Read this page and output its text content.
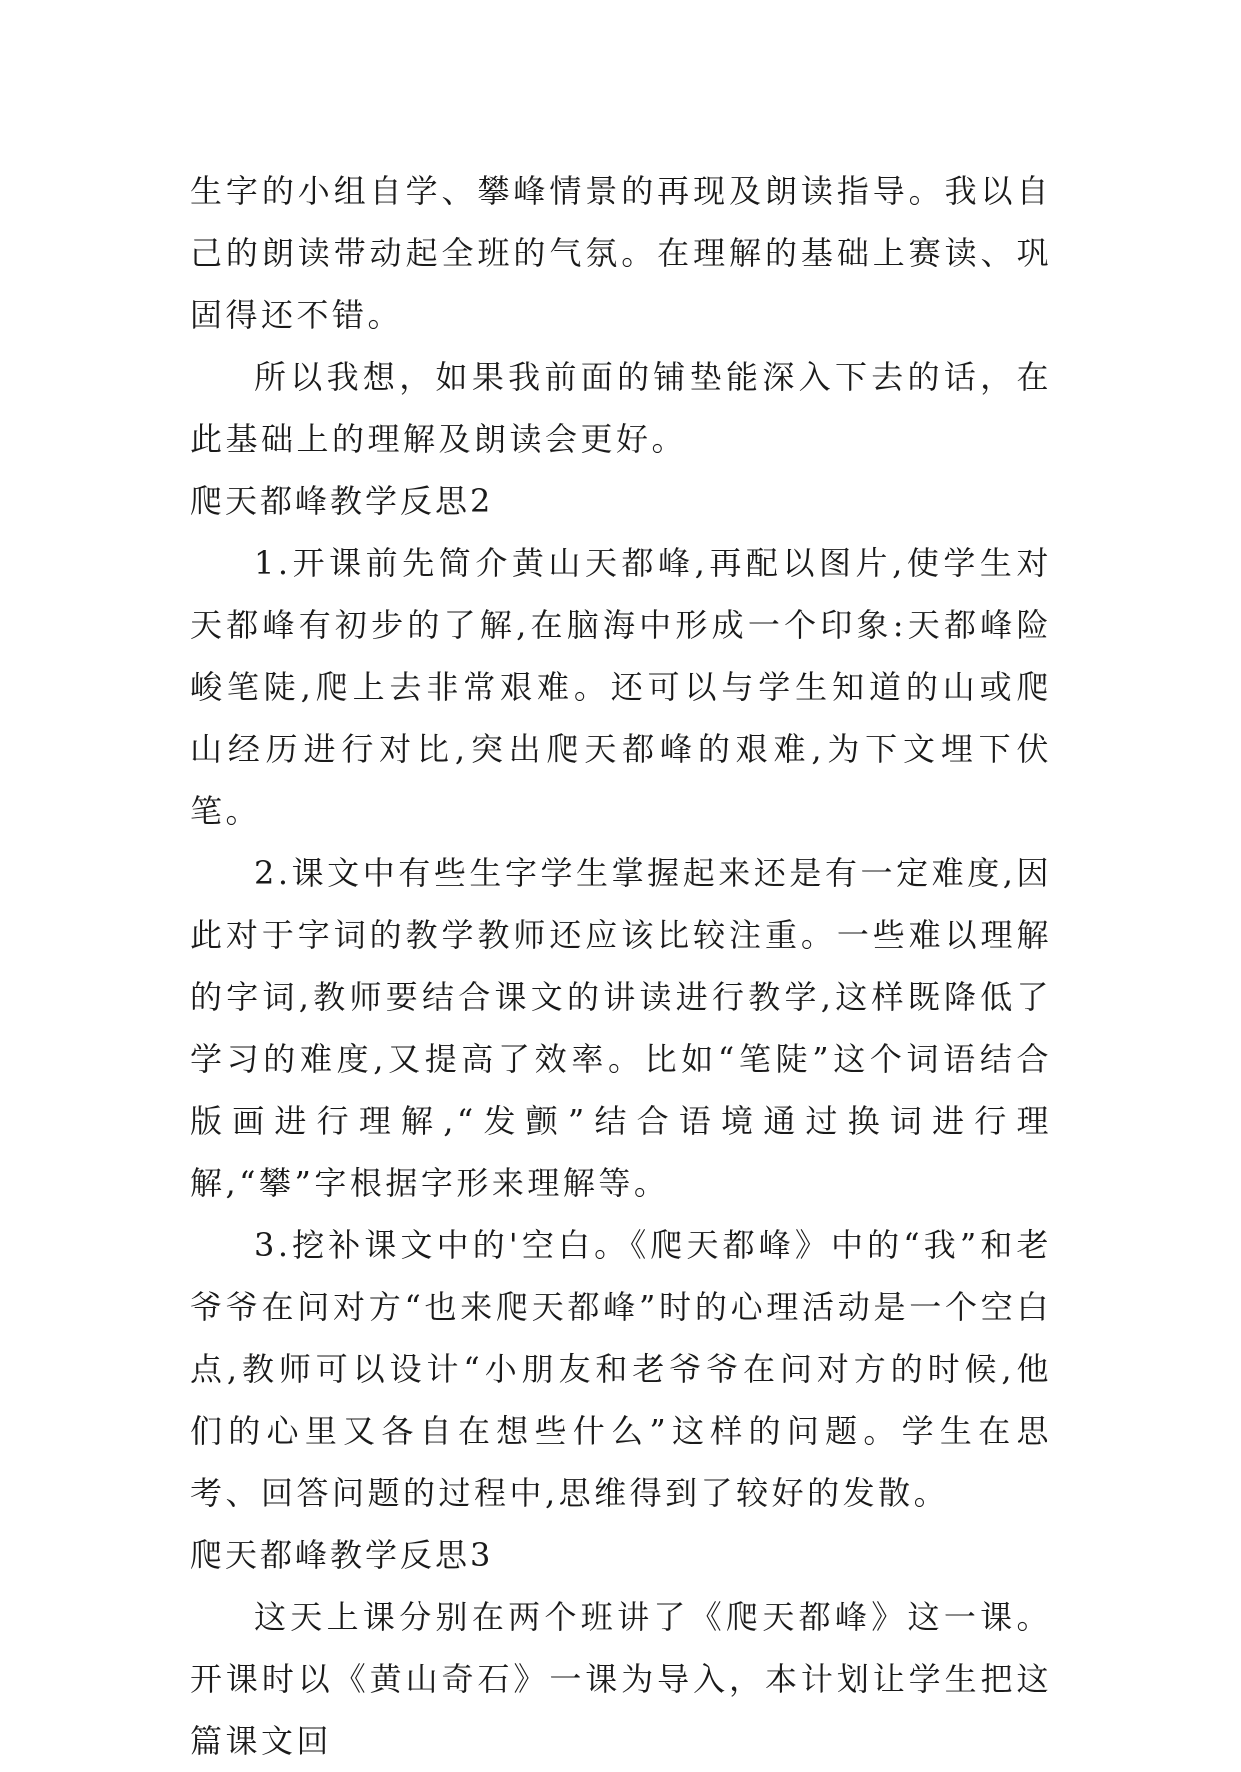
生字的小组自学、攀峰情景的再现及朗读指导。我以自己的朗读带动起全班的气氛。在理解的基础上赛读、巩固得还不错。

所以我想，如果我前面的铺垫能深入下去的话，在此基础上的理解及朗读会更好。

爬天都峰教学反思2

1.开课前先简介黄山天都峰,再配以图片,使学生对天都峰有初步的了解,在脑海中形成一个印象:天都峰险峻笔陡,爬上去非常艰难。还可以与学生知道的山或爬山经历进行对比,突出爬天都峰的艰难,为下文埋下伏笔。

2.课文中有些生字学生掌握起来还是有一定难度,因此对于字词的教学教师还应该比较注重。一些难以理解的字词,教师要结合课文的讲读进行教学,这样既降低了学习的难度,又提高了效率。比如“笔陡”这个词语结合版画进行理解,“发颤”结合语境通过换词进行理解,“攀”字根据字形来理解等。

3.挖补课文中的'空白。《爬天都峰》中的“我”和老爷爷在问对方“也来爬天都峰”时的心理活动是一个空白点,教师可以设计“小朋友和老爷爷在问对方的时候,他们的心里又各自在想些什么”这样的问题。学生在思考、回答问题的过程中,思维得到了较好的发散。

爬天都峰教学反思3

这天上课分别在两个班讲了《爬天都峰》这一课。开课时以《黄山奇石》一课为导入，本计划让学生把这篇课文回
